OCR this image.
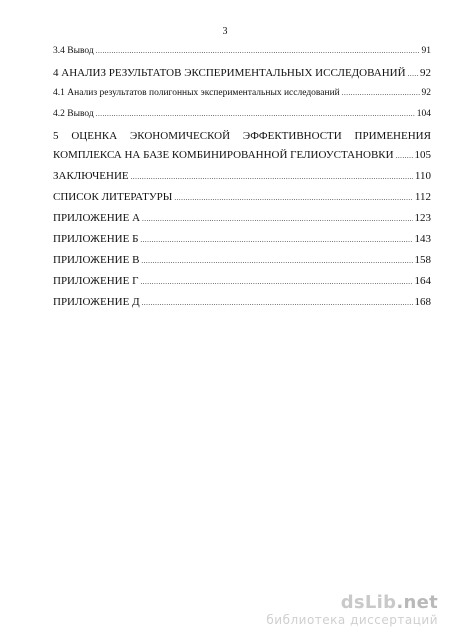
3
3.4 Вывод .....	91
4 АНАЛИЗ РЕЗУЛЬТАТОВ ЭКСПЕРИМЕНТАЛЬНЫХ ИССЛЕДОВАНИЙ ..... 92
4.1 Анализ результатов полигонных экспериментальных исследований .....	92
4.2 Вывод .....	104
5 ОЦЕНКА ЭКОНОМИЧЕСКОЙ ЭФФЕКТИВНОСТИ ПРИМЕНЕНИЯ
КОМПЛЕКСА НА БАЗЕ КОМБИНИРОВАННОЙ ГЕЛИОУСТАНОВКИ ..... 105
ЗАКЛЮЧЕНИЕ .....	110
СПИСОК ЛИТЕРАТУРЫ .....	112
ПРИЛОЖЕНИЕ А .....	123
ПРИЛОЖЕНИЕ Б .....	143
ПРИЛОЖЕНИЕ В .....	158
ПРИЛОЖЕНИЕ Г .....	164
ПРИЛОЖЕНИЕ Д .....	168
dsLib.net
библиотека диссертаций
